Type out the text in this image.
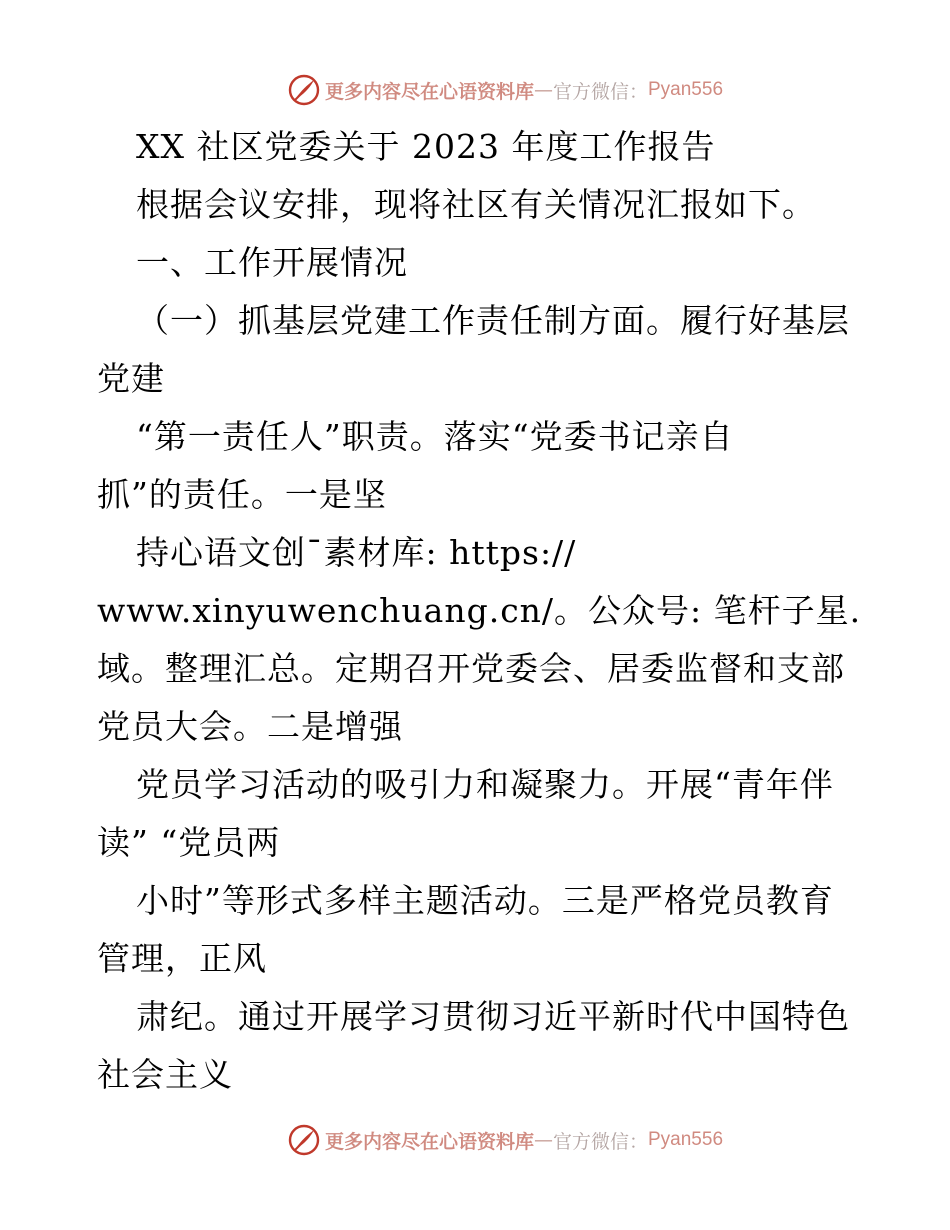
更多内容尽在心语资料库 — 官方微信： Pyan556
XX 社区党委关于 2023 年度工作报告
根据会议安排，现将社区有关情况汇报如下。
一、工作开展情况
（一）抓基层党建工作责任制方面。履行好基层
党建
“第一责任人”职责。落实“党委书记亲自
抓”的责任。一是坚
持心语文创¯素材库: https://
www.xinyuwenchuang.cn/。公众号: 笔杆子星.
域。整理汇总。定期召开党委会、居委监督和支部
党员大会。二是增强
党员学习活动的吸引力和凝聚力。开展“青年伴
读” “党员两
小时”等形式多样主题活动。三是严格党员教育
管理，正风
肃纪。通过开展学习贯彻习近平新时代中国特色
社会主义
更多内容尽在心语资料库 — 官方微信： Pyan556
